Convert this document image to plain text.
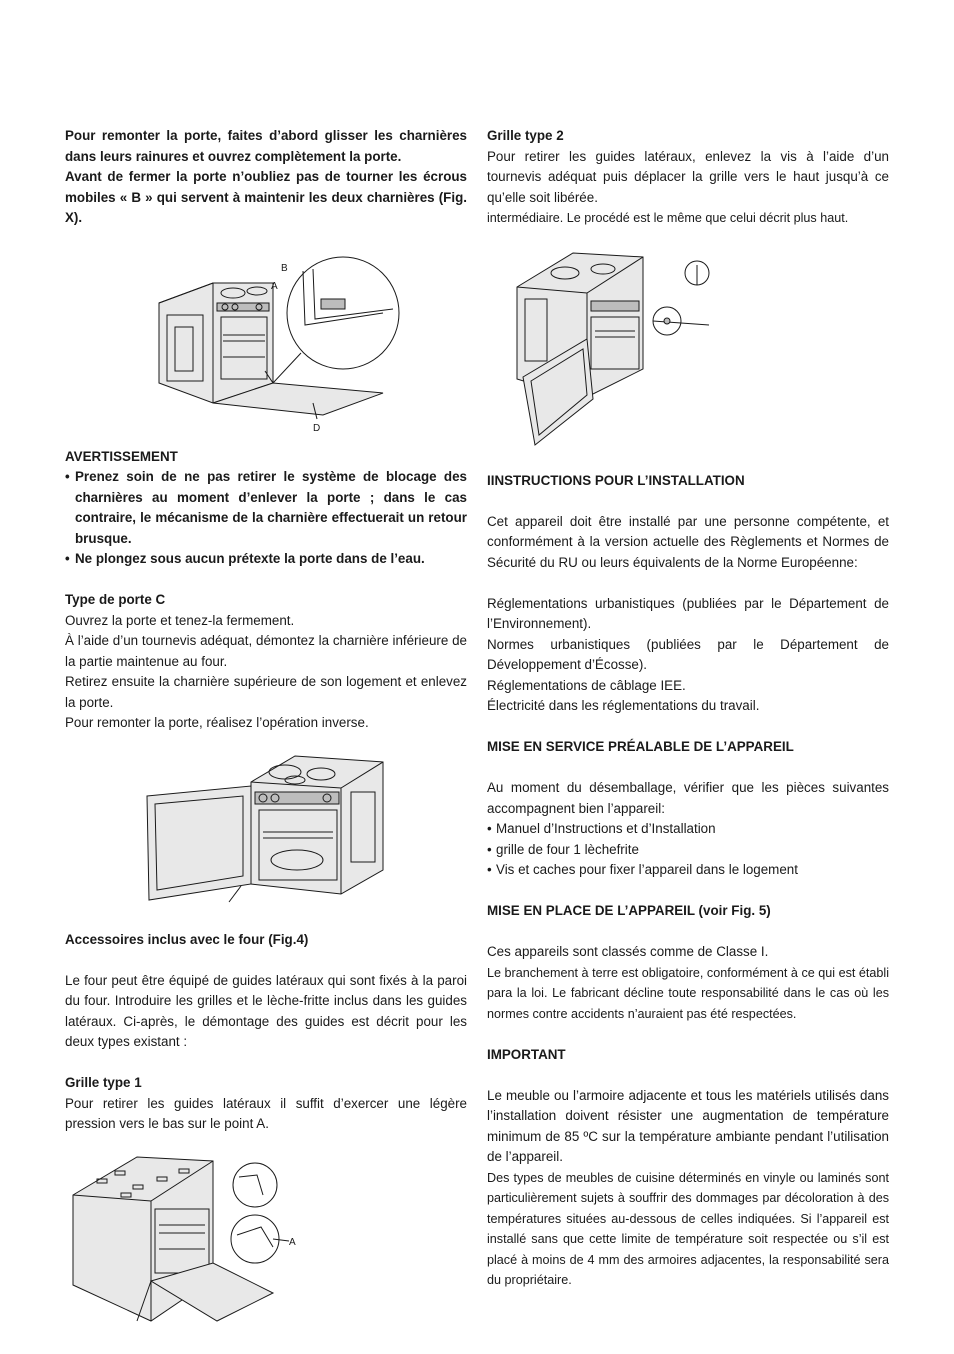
Pour remonter la porte, faites d’abord glisser les charnières dans leurs rainures et ouvrez complètement la porte.

Avant de fermer la porte n’oubliez pas de tourner les écrous mobiles « B » qui servent à maintenir les deux charnières (Fig. X).

B
A
D

AVERTISSEMENT

• Prenez soin de ne pas retirer le système de blocage des charnières au moment d’enlever la porte ; dans le cas contraire, le mécanisme de la charnière effectuerait un retour brusque.
• Ne plongez sous aucun prétexte la porte dans de l’eau.

Type de porte C

Ouvrez la porte et tenez-la fermement.

À l’aide d’un tournevis adéquat, démontez la charnière inférieure de la partie maintenue au four.

Retirez ensuite la charnière supérieure de son logement et enlevez la porte.

Pour remonter la porte, réalisez l’opération inverse.

Accessoires inclus avec le four (Fig.4)

Le four peut être équipé de guides latéraux qui sont fixés à la paroi du four. Introduire les grilles et le lèche-fritte inclus dans les guides latéraux. Ci-après, le démontage des guides est décrit pour les deux types existant :

Grille type 1

Pour retirer les guides latéraux il suffit d’exercer une légère pression vers le bas sur le point A.

A

Grille type 2

Pour retirer les guides latéraux, enlevez la vis à l’aide d’un tournevis adéquat puis déplacer la grille vers le haut jusqu’à ce qu’elle soit libérée.

intermédiaire. Le procédé est le même que celui décrit plus haut.

IINSTRUCTIONS POUR L’INSTALLATION

Cet appareil doit être installé par une personne compétente, et conformément à la version actuelle des Règlements et Normes de Sécurité du RU ou leurs équivalents de la Norme Européenne:

Réglementations urbanistiques (publiées par le Département de l’Environnement).

Normes urbanistiques (publiées par le Département de Développement d’Écosse).

Réglementations de câblage IEE.

Électricité dans les réglementations du travail.

MISE EN SERVICE PRÉALABLE DE L’APPAREIL

Au moment du désemballage, vérifier que les pièces suivantes accompagnent bien l’appareil:

• Manuel d’Instructions et d’Installation
• grille de four 1 lèchefrite
• Vis et caches pour fixer l’appareil dans le logement

MISE EN PLACE DE L’APPAREIL (voir Fig. 5)

Ces appareils sont classés comme de Classe I.

Le branchement à terre est obligatoire, conformément à ce qui est établi para la loi. Le fabricant décline toute responsabilité dans le cas où les normes contre accidents n’auraient pas été respectées.

IMPORTANT

Le meuble ou l’armoire adjacente et tous les matériels utilisés dans l’installation doivent résister une augmentation de température minimum de 85 ºC sur la température ambiante pendant l’utilisation de l’appareil.

Des types de meubles de cuisine déterminés en vinyle ou laminés sont particulièrement sujets à souffrir des dommages par décoloration à des températures situées au-dessous de celles indiquées. Si l’appareil est installé sans que cette limite de température soit respectée ou s’il est placé à moins de 4 mm des armoires adjacentes, la responsabilité sera du propriétaire.
